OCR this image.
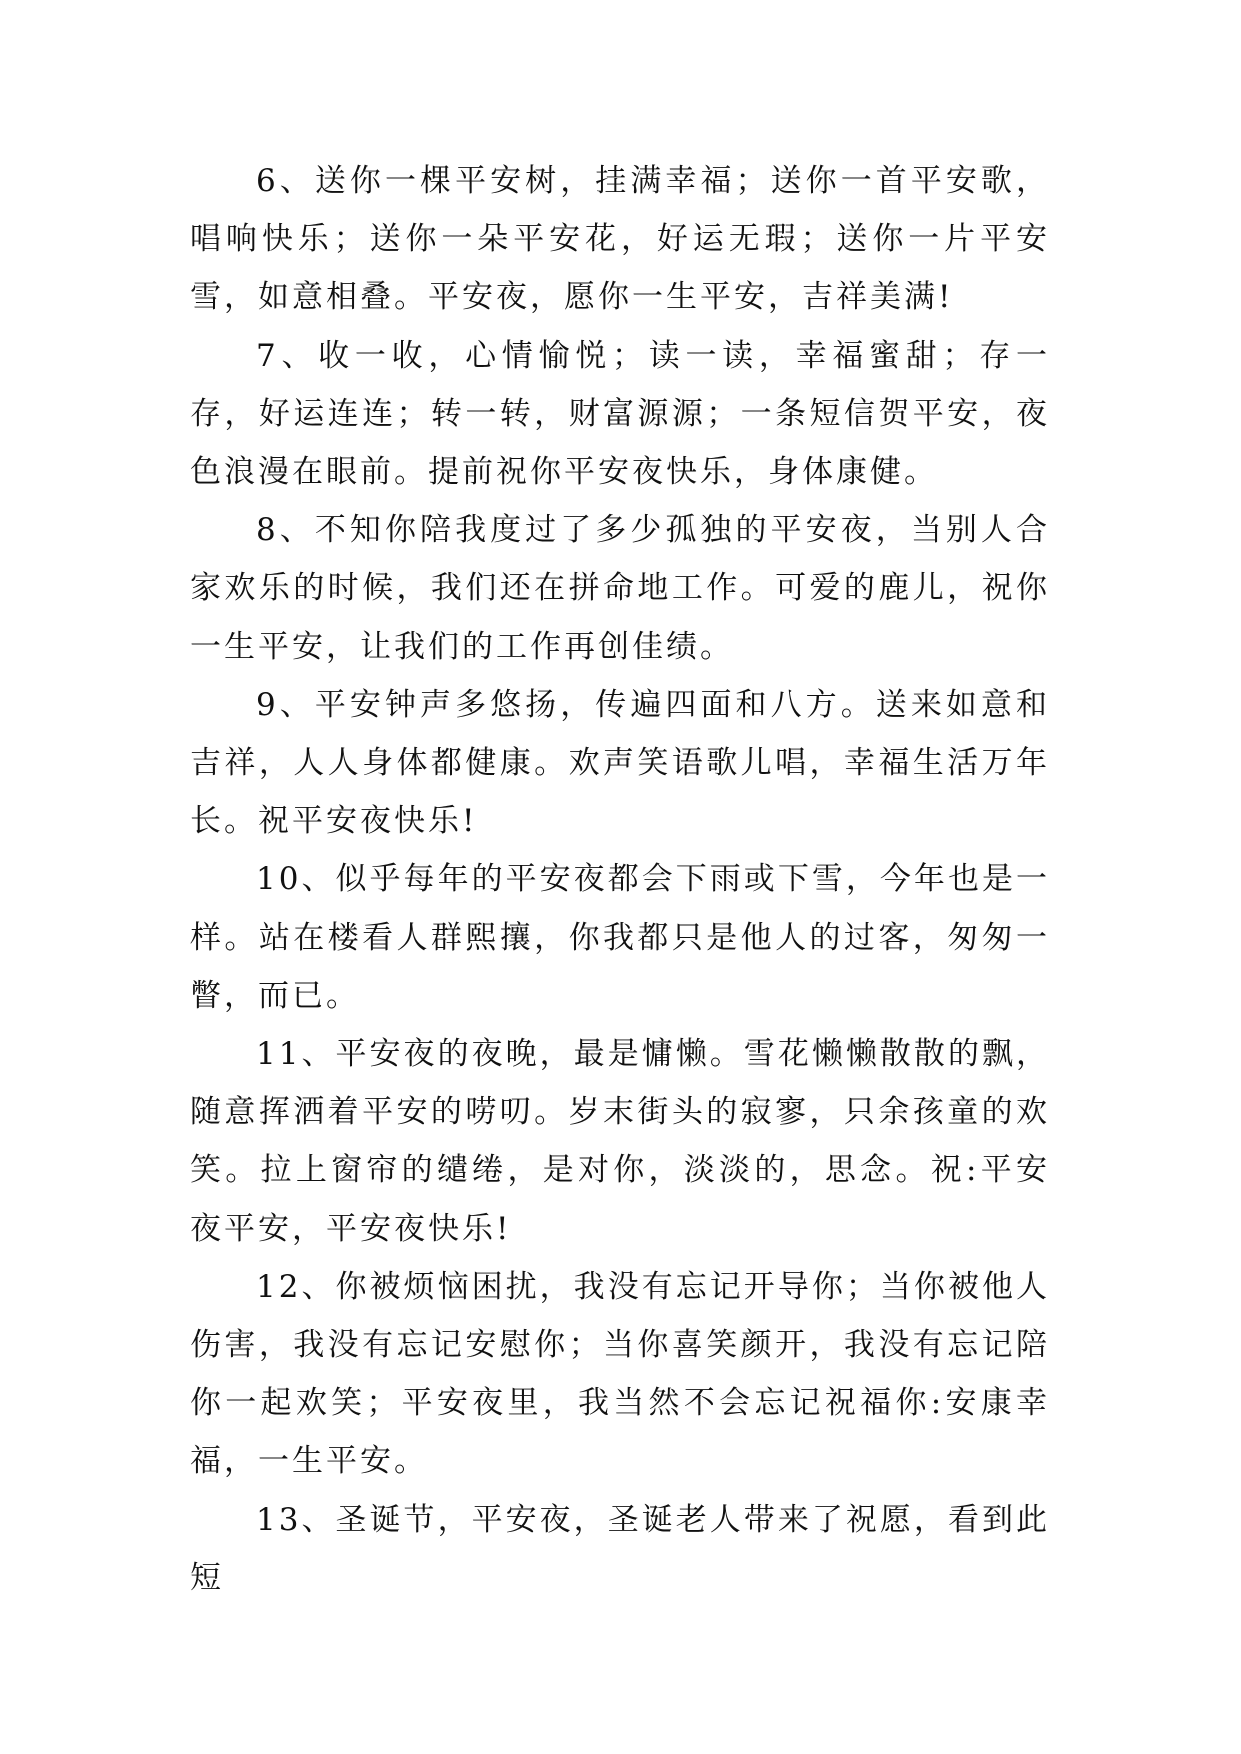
6、送你一棵平安树，挂满幸福；送你一首平安歌，唱响快乐；送你一朵平安花，好运无瑕；送你一片平安雪，如意相叠。平安夜，愿你一生平安，吉祥美满!

7、收一收，心情愉悦；读一读，幸福蜜甜；存一存，好运连连；转一转，财富源源；一条短信贺平安，夜色浪漫在眼前。提前祝你平安夜快乐，身体康健。

8、不知你陪我度过了多少孤独的平安夜，当别人合家欢乐的时候，我们还在拼命地工作。可爱的鹿儿，祝你一生平安，让我们的工作再创佳绩。

9、平安钟声多悠扬，传遍四面和八方。送来如意和吉祥，人人身体都健康。欢声笑语歌儿唱，幸福生活万年长。祝平安夜快乐!

10、似乎每年的平安夜都会下雨或下雪，今年也是一样。站在楼看人群熙攘，你我都只是他人的过客，匆匆一瞥，而已。

11、平安夜的夜晚，最是慵懒。雪花懒懒散散的飘，随意挥洒着平安的唠叨。岁末街头的寂寥，只余孩童的欢笑。拉上窗帘的缱绻，是对你，淡淡的，思念。祝:平安夜平安，平安夜快乐!

12、你被烦恼困扰，我没有忘记开导你；当你被他人伤害，我没有忘记安慰你；当你喜笑颜开，我没有忘记陪你一起欢笑；平安夜里，我当然不会忘记祝福你:安康幸福，一生平安。

13、圣诞节，平安夜，圣诞老人带来了祝愿，看到此短
